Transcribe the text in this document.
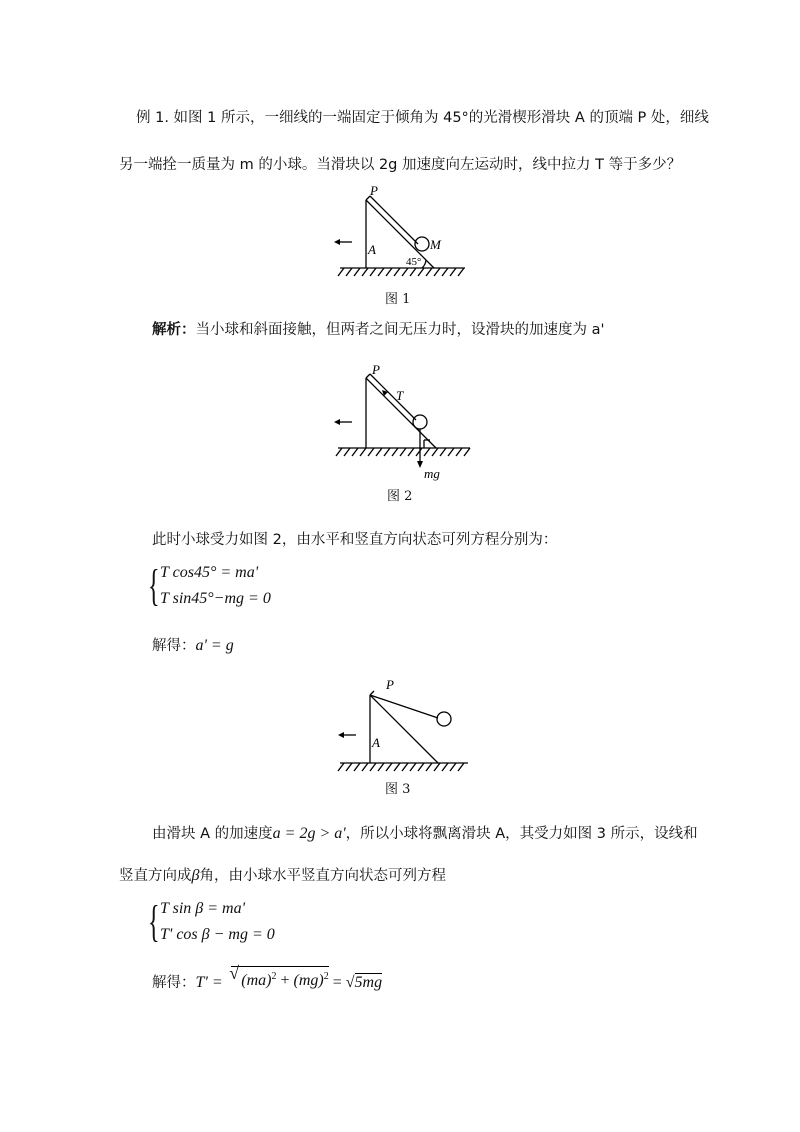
例 1. 如图 1 所示，一细线的一端固定于倾角为 45°的光滑楔形滑块 A 的顶端 P 处，细线
另一端拴一质量为 m 的小球。当滑块以 2g 加速度向左运动时，线中拉力 T 等于多少？
P
A	M
45°
图 1
解析：当小球和斜面接触，但两者之间无压力时，设滑块的加速度为 a'
P
T
mg
图 2
此时小球受力如图 2，由水平和竖直方向状态可列方程分别为：
{ T cos45° = ma'
T sin45°−mg = 0
解得：a' = g
P
A
图 3
由滑块 A 的加速度a = 2g > a'，所以小球将飘离滑块 A，其受力如图 3 所示，设线和
竖直方向成β角，由小球水平竖直方向状态可列方程
{ T sin β = ma'
T' cos β − mg = 0
解得：T' = √ (ma)$^2$ + (mg)$^2$ = √5mg
